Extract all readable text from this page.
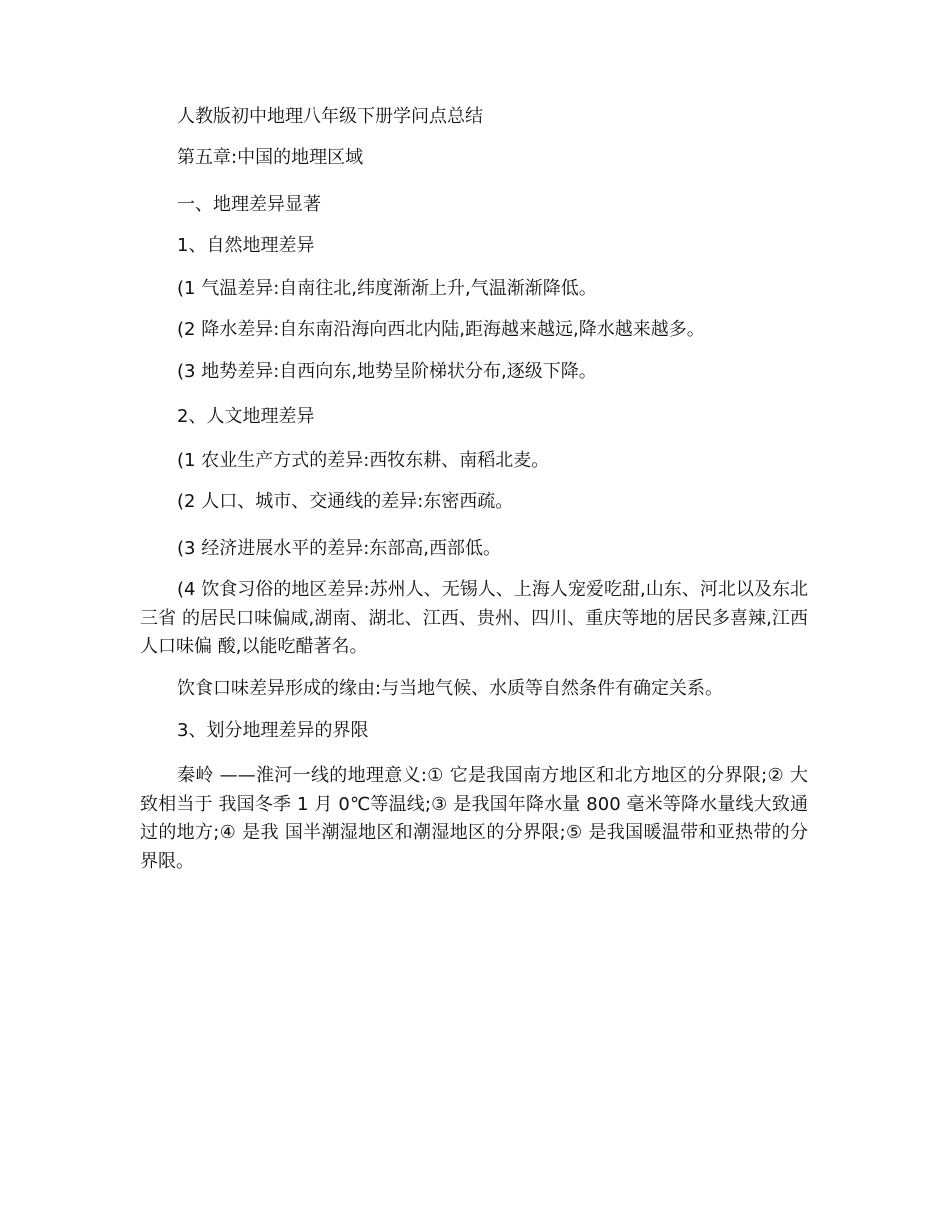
人教版初中地理八年级下册学问点总结
第五章:中国的地理区域
一、地理差异显著
1、自然地理差异
(1 气温差异:自南往北,纬度渐渐上升,气温渐渐降低。
(2 降水差异:自东南沿海向西北内陆,距海越来越远,降水越来越多。
(3 地势差异:自西向东,地势呈阶梯状分布,逐级下降。
2、人文地理差异
(1 农业生产方式的差异:西牧东耕、南稻北麦。
(2 人口、城市、交通线的差异:东密西疏。
(3 经济进展水平的差异:东部高,西部低。
(4 饮食习俗的地区差异:苏州人、无锡人、上海人宠爱吃甜,山东、河北以及东北三省 的居民口味偏咸,湖南、湖北、江西、贵州、四川、重庆等地的居民多喜辣,江西人口味偏 酸,以能吃醋著名。
饮食口味差异形成的缘由:与当地气候、水质等自然条件有确定关系。
3、划分地理差异的界限
秦岭 ——淮河一线的地理意义:① 它是我国南方地区和北方地区的分界限;② 大致相当于 我国冬季 1 月 0℃等温线;③ 是我国年降水量 800 毫米等降水量线大致通过的地方;④ 是我 国半潮湿地区和潮湿地区的分界限;⑤ 是我国暖温带和亚热带的分界限。
